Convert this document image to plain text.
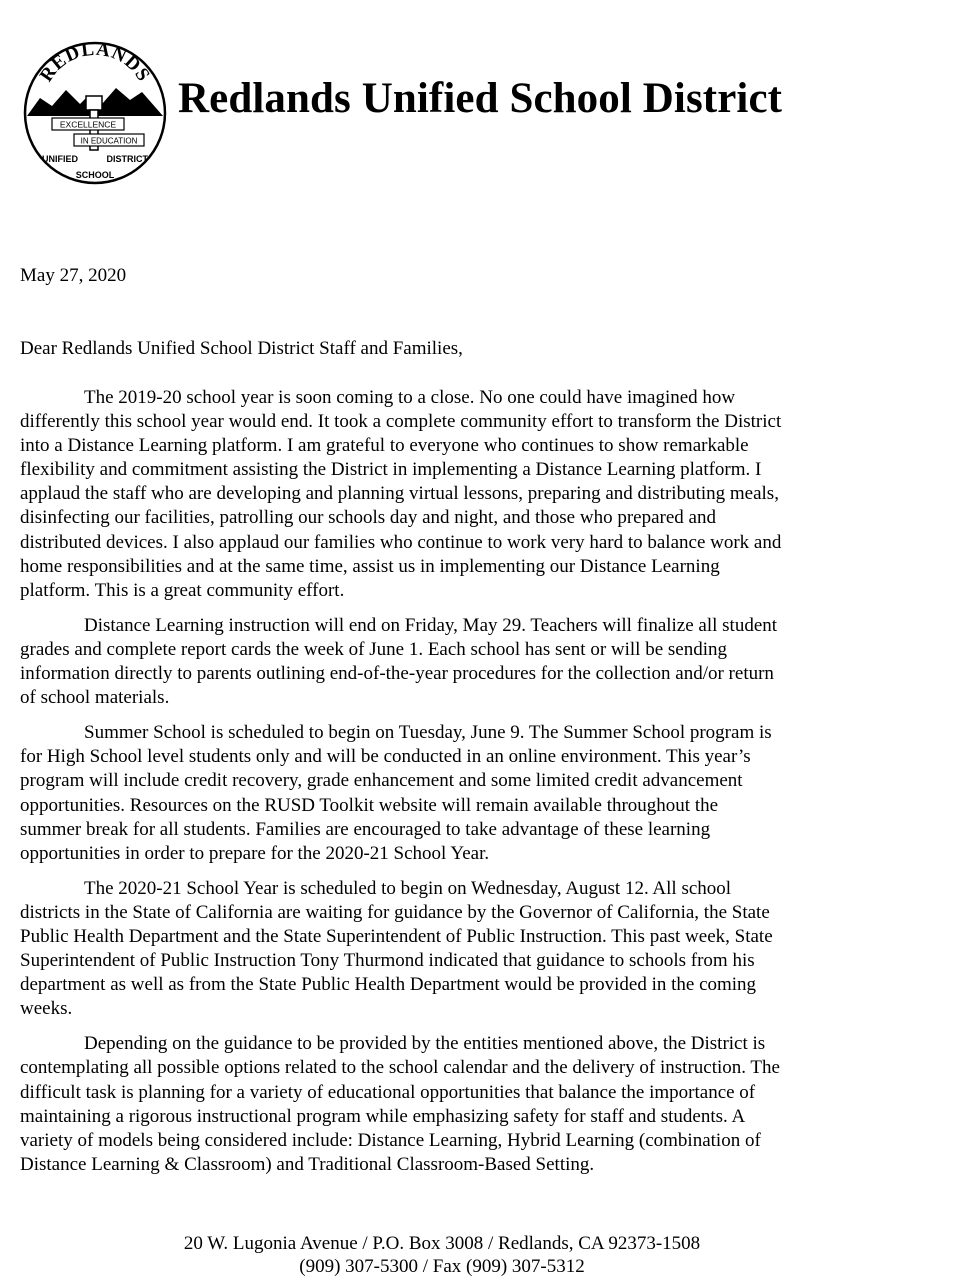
REDLANDS
EXCELLENCE
IN EDUCATION
UNIFIED	DISTRICT
SCHOOL
Redlands Unified School District
May 27, 2020
Dear Redlands Unified School District Staff and Families,
The 2019-20 school year is soon coming to a close. No one could have imagined how
differently this school year would end. It took a complete community effort to transform the District
into a Distance Learning platform. I am grateful to everyone who continues to show remarkable
flexibility and commitment assisting the District in implementing a Distance Learning platform. I
applaud the staff who are developing and planning virtual lessons, preparing and distributing meals,
disinfecting our facilities, patrolling our schools day and night, and those who prepared and
distributed devices. I also applaud our families who continue to work very hard to balance work and
home responsibilities and at the same time, assist us in implementing our Distance Learning
platform. This is a great community effort.
Distance Learning instruction will end on Friday, May 29. Teachers will finalize all student
grades and complete report cards the week of June 1. Each school has sent or will be sending
information directly to parents outlining end-of-the-year procedures for the collection and/or return
of school materials.
Summer School is scheduled to begin on Tuesday, June 9. The Summer School program is
for High School level students only and will be conducted in an online environment. This year’s
program will include credit recovery, grade enhancement and some limited credit advancement
opportunities. Resources on the RUSD Toolkit website will remain available throughout the
summer break for all students. Families are encouraged to take advantage of these learning
opportunities in order to prepare for the 2020-21 School Year.
The 2020-21 School Year is scheduled to begin on Wednesday, August 12. All school
districts in the State of California are waiting for guidance by the Governor of California, the State
Public Health Department and the State Superintendent of Public Instruction. This past week, State
Superintendent of Public Instruction Tony Thurmond indicated that guidance to schools from his
department as well as from the State Public Health Department would be provided in the coming
weeks.
Depending on the guidance to be provided by the entities mentioned above, the District is
contemplating all possible options related to the school calendar and the delivery of instruction. The
difficult task is planning for a variety of educational opportunities that balance the importance of
maintaining a rigorous instructional program while emphasizing safety for staff and students. A
variety of models being considered include: Distance Learning, Hybrid Learning (combination of
Distance Learning & Classroom) and Traditional Classroom-Based Setting.
20 W. Lugonia Avenue / P.O. Box 3008 / Redlands, CA 92373-1508
(909) 307-5300 / Fax (909) 307-5312
